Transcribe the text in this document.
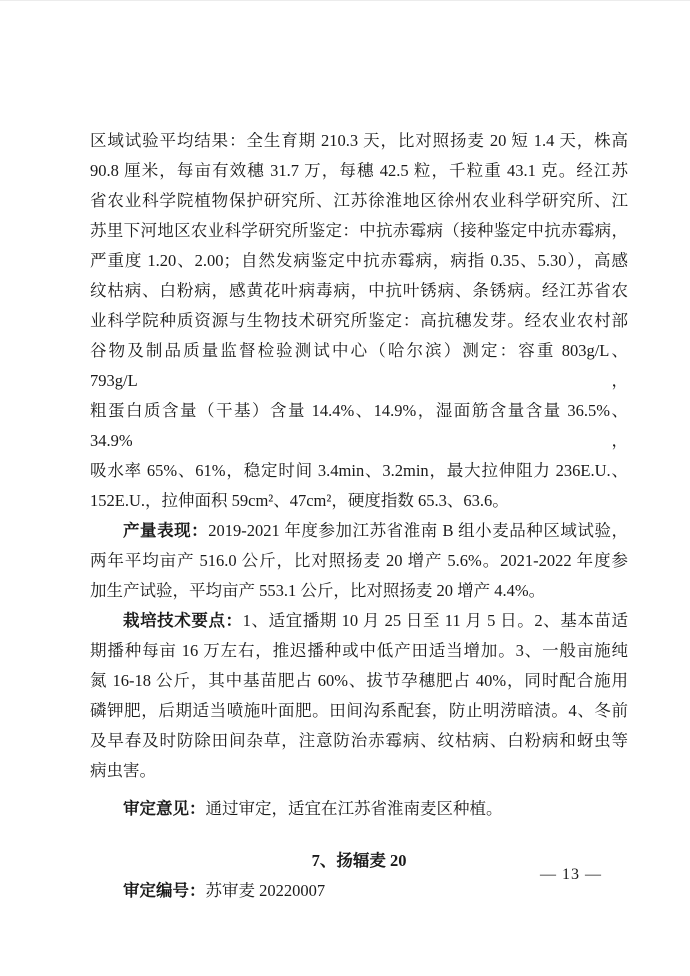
区域试验平均结果：全生育期 210.3 天，比对照扬麦 20 短 1.4 天，株高
90.8 厘米，每亩有效穗 31.7 万，每穗 42.5 粒，千粒重 43.1 克。经江苏
省农业科学院植物保护研究所、江苏徐淮地区徐州农业科学研究所、江
苏里下河地区农业科学研究所鉴定：中抗赤霉病（接种鉴定中抗赤霉病，
严重度 1.20、2.00；自然发病鉴定中抗赤霉病，病指 0.35、5.30），高感
纹枯病、白粉病，感黄花叶病毒病，中抗叶锈病、条锈病。经江苏省农
业科学院种质资源与生物技术研究所鉴定：高抗穗发芽。经农业农村部
谷物及制品质量监督检验测试中心（哈尔滨）测定：容重 803g/L、793g/L，
粗蛋白质含量（干基）含量 14.4%、14.9%，湿面筋含量含量 36.5%、34.9%，
吸水率 65%、61%，稳定时间 3.4min、3.2min，最大拉伸阻力 236E.U.、
152E.U.，拉伸面积 59cm²、47cm²，硬度指数 65.3、63.6。

产量表现：2019-2021 年度参加江苏省淮南 B 组小麦品种区域试验，
两年平均亩产 516.0 公斤，比对照扬麦 20 增产 5.6%。2021-2022 年度参
加生产试验，平均亩产 553.1 公斤，比对照扬麦 20 增产 4.4%。

栽培技术要点：1、适宜播期 10 月 25 日至 11 月 5 日。2、基本苗适
期播种每亩 16 万左右，推迟播种或中低产田适当增加。3、一般亩施纯
氮 16-18 公斤，其中基苗肥占 60%、拔节孕穗肥占 40%，同时配合施用
磷钾肥，后期适当喷施叶面肥。田间沟系配套，防止明涝暗渍。4、冬前
及早春及时防除田间杂草，注意防治赤霉病、纹枯病、白粉病和蚜虫等
病虫害。

审定意见：通过审定，适宜在江苏省淮南麦区种植。

7、扬辐麦 20

审定编号：苏审麦 20220007

— 13 —
